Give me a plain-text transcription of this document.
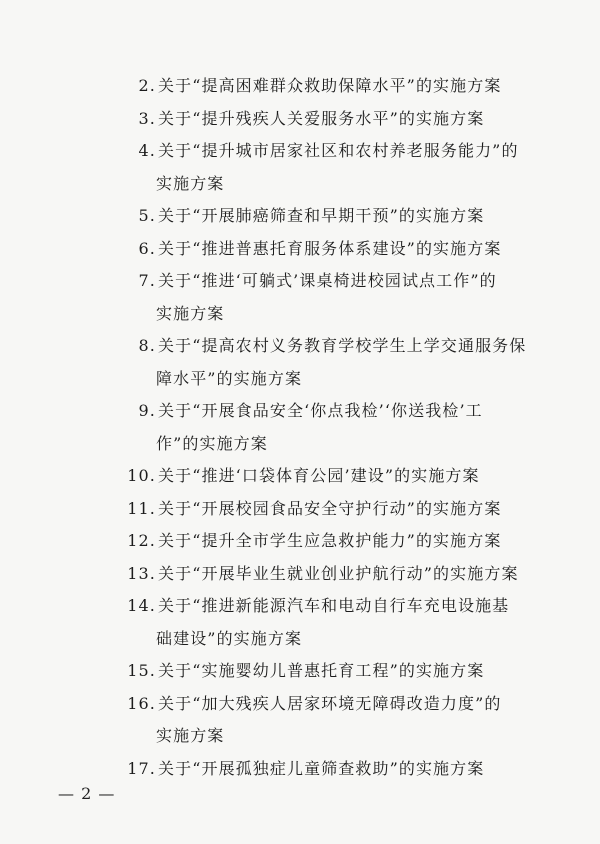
2. 关于“提高困难群众救助保障水平”的实施方案
3. 关于“提升残疾人关爱服务水平”的实施方案
4. 关于“提升城市居家社区和农村养老服务能力”的
实施方案
5. 关于“开展肺癌筛查和早期干预”的实施方案
6. 关于“推进普惠托育服务体系建设”的实施方案
7. 关于“推进‘可躺式’课桌椅进校园试点工作”的
实施方案
8. 关于“提高农村义务教育学校学生上学交通服务保
障水平”的实施方案
9. 关于“开展食品安全‘你点我检’‘你送我检’工
作”的实施方案
10. 关于“推进‘口袋体育公园’建设”的实施方案
11. 关于“开展校园食品安全守护行动”的实施方案
12. 关于“提升全市学生应急救护能力”的实施方案
13. 关于“开展毕业生就业创业护航行动”的实施方案
14. 关于“推进新能源汽车和电动自行车充电设施基
础建设”的实施方案
15. 关于“实施婴幼儿普惠托育工程”的实施方案
16. 关于“加大残疾人居家环境无障碍改造力度”的
实施方案
17. 关于“开展孤独症儿童筛查救助”的实施方案
— 2 —
